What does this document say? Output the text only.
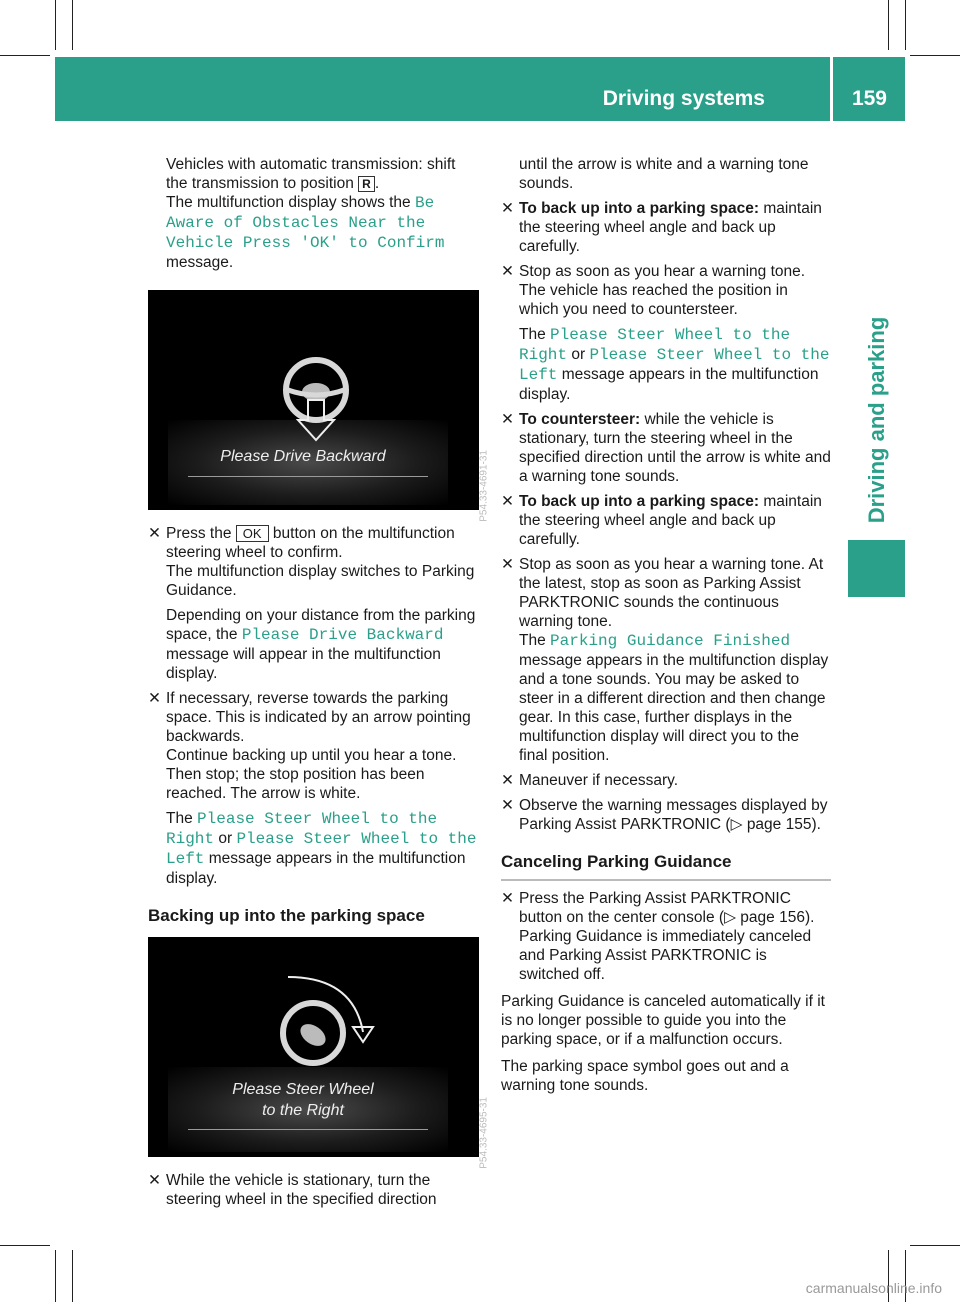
Driving systems	159
Driving and parking
Vehicles with automatic transmission: shift
the transmission to position R .
The multifunction display shows the Be Aware of Obstacles Near the Vehicle Press 'OK' to Confirm message.
Please Drive Backward	P54.33-4691-31
✕ Press the OK button on the multifunction steering wheel to confirm.
The multifunction display switches to Parking Guidance.

Depending on your distance from the parking space, the Please Drive Backward message will appear in the multifunction display.

✕ If necessary, reverse towards the parking space. This is indicated by an arrow pointing backwards.
Continue backing up until you hear a tone. Then stop; the stop position has been reached. The arrow is white.

The Please Steer Wheel to the Right or Please Steer Wheel to the Left message appears in the multifunction display.

Backing up into the parking space
Please Steer Wheel
to the Right	P54.33-4695-31
✕ While the vehicle is stationary, turn the steering wheel in the specified direction

until the arrow is white and a warning tone sounds.

✕ To back up into a parking space: maintain the steering wheel angle and back up carefully.

✕ Stop as soon as you hear a warning tone. The vehicle has reached the position in which you need to countersteer.

The Please Steer Wheel to the Right or Please Steer Wheel to the Left message appears in the multifunction display.

✕ To countersteer: while the vehicle is stationary, turn the steering wheel in the specified direction until the arrow is white and a warning tone sounds.

✕ To back up into a parking space: maintain the steering wheel angle and back up carefully.

✕ Stop as soon as you hear a warning tone. At the latest, stop as soon as Parking Assist PARKTRONIC sounds the continuous warning tone.
The Parking Guidance Finished message appears in the multifunction display and a tone sounds. You may be asked to steer in a different direction and then change gear. In this case, further displays in the multifunction display will direct you to the final position.

✕ Maneuver if necessary.

✕ Observe the warning messages displayed by Parking Assist PARKTRONIC (▷ page 155).

Canceling Parking Guidance
✕ Press the Parking Assist PARKTRONIC button on the center console (▷ page 156).
Parking Guidance is immediately canceled and Parking Assist PARKTRONIC is switched off.

Parking Guidance is canceled automatically if it is no longer possible to guide you into the parking space, or if a malfunction occurs.

The parking space symbol goes out and a warning tone sounds.

carmanualsonline.info
